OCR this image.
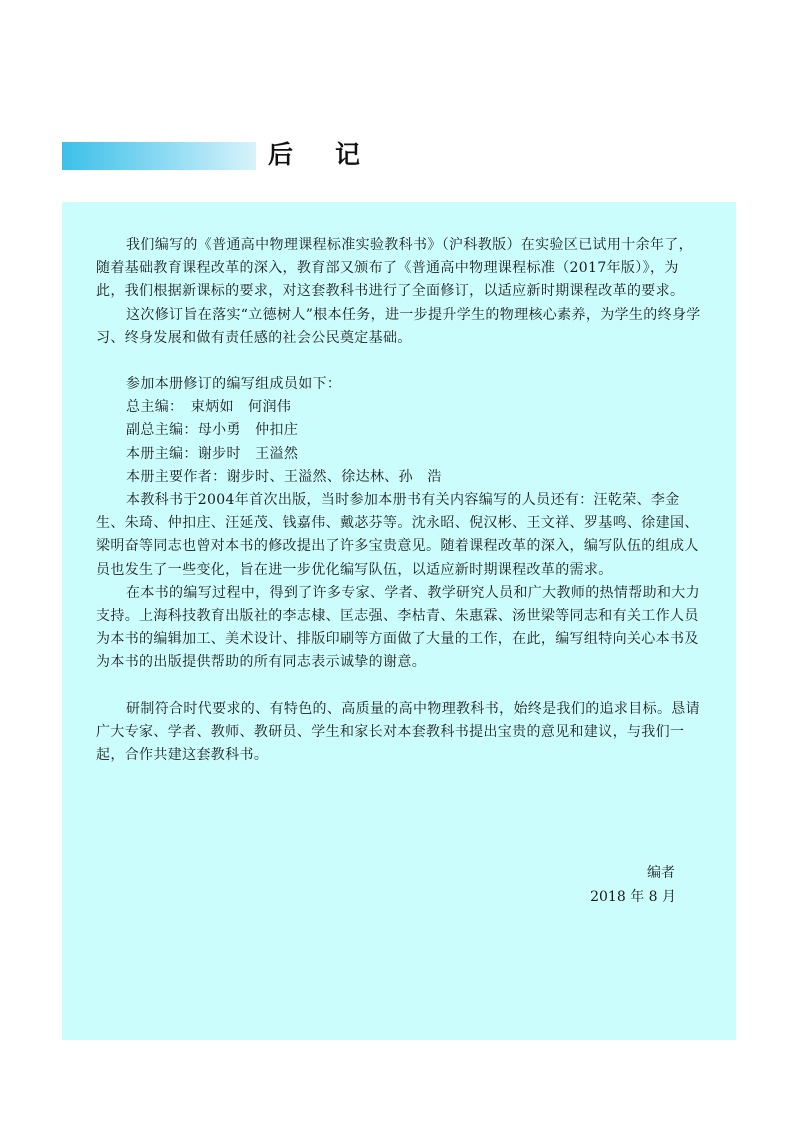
后记

我们编写的《普通高中物理课程标准实验教科书》（沪科教版）在实验区已试用十余年了，随着基础教育课程改革的深入，教育部又颁布了《普通高中物理课程标准（2017年版）》，为此，我们根据新课标的要求，对这套教科书进行了全面修订，以适应新时期课程改革的要求。

这次修订旨在落实“立德树人”根本任务，进一步提升学生的物理核心素养，为学生的终身学习、终身发展和做有责任感的社会公民奠定基础。

参加本册修订的编写组成员如下：

总主编：　束炳如　何润伟

副总主编：母小勇　仲扣庄

本册主编：谢步时　王溢然

本册主要作者：谢步时、王溢然、徐达林、孙　浩

本教科书于2004年首次出版，当时参加本册书有关内容编写的人员还有：汪乾荣、李金生、朱琦、仲扣庄、汪延茂、钱嘉伟、戴苾芬等。沈永昭、倪汉彬、王文祥、罗基鸣、徐建国、梁明奋等同志也曾对本书的修改提出了许多宝贵意见。随着课程改革的深入，编写队伍的组成人员也发生了一些变化，旨在进一步优化编写队伍，以适应新时期课程改革的需求。

在本书的编写过程中，得到了许多专家、学者、教学研究人员和广大教师的热情帮助和大力支持。上海科技教育出版社的李志棣、匡志强、李枯青、朱惠霖、汤世梁等同志和有关工作人员为本书的编辑加工、美术设计、排版印刷等方面做了大量的工作，在此，编写组特向关心本书及为本书的出版提供帮助的所有同志表示诚挚的谢意。

研制符合时代要求的、有特色的、高质量的高中物理教科书，始终是我们的追求目标。恳请广大专家、学者、教师、教研员、学生和家长对本套教科书提出宝贵的意见和建议，与我们一起，合作共建这套教科书。

编者
2018 年 8 月
